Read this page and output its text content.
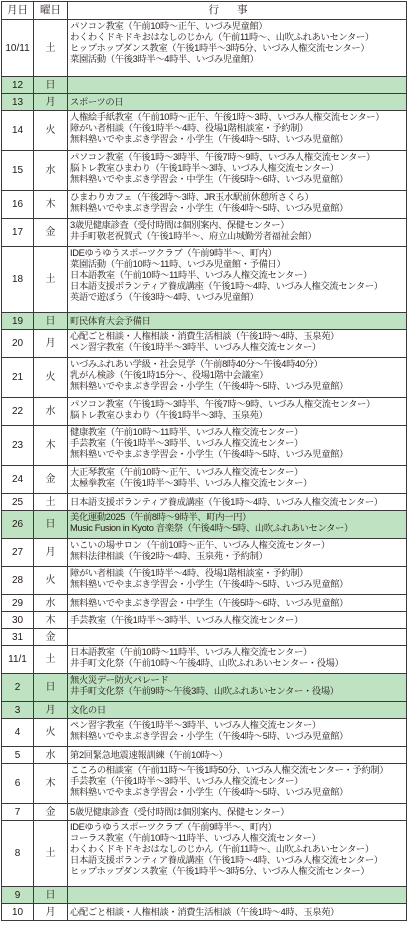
月日	曜日	行事
10/11	土	パソコン教室（午前10時〜正午、いづみ児童館）
わくわくドキドキおはなしのじかん（午前11時〜、山吹ふれあいセンター）
ヒップホップダンス教室（午後1時半〜3時5分、いづみ人権交流センター）
菜園活動（午後3時半〜4時半、いづみ児童館）

12	日	
13	月	スポーツの日

14	火	人権絵手紙教室（午前10時〜正午、午後1時〜3時、いづみ人権交流センター）
障がい者相談（午後1時半〜4時、役場1階相談室・予約制）
無料塾いでやまぶき学習会・小学生（午後4時〜5時、いづみ児童館）

15	水	パソコン教室（午後1時〜3時半、午後7時〜9時、いづみ人権交流センター）
脳トレ教室ひまわり（午後1時半〜3時、いづみ人権交流センター）
無料塾いでやまぶき学習会・中学生（午後5時〜6時、いづみ児童館）

16	木	ひまわりカフェ（午後2時〜3時、JR玉水駅前休憩所さくら）
無料塾いでやまぶき学習会・小学生（午後4時〜5時、いづみ児童館）

17	金	3歳児健康診査（受付時間は個別案内、保健センター）
井手町敬老祝賀式（午後1時半〜、府立山城勤労者福祉会館）

18	土	IDEゆうゆうスポーツクラブ（午前9時半〜、町内）
菜園活動（午前10時〜11時、いづみ児童館・予備日）
日本語教室（午前10時〜11時半、いづみ人権交流センター）
日本語支援ボランティア養成講座（午後1時〜4時、いづみ人権交流センター）
英語で遊ぼう（午後3時〜4時、いづみ児童館）

19	日	町民体育大会予備日

20	月	心配ごと相談・人権相談・消費生活相談（午後1時〜4時、玉泉苑）
ペン習字教室（午後1時半〜3時半、いづみ人権交流センター）

21	火	いづみふれあい学級・社会見学（午前8時40分〜午後4時40分）
乳がん検診（午後1時15分〜、役場1階中会議室）
無料塾いでやまぶき学習会・小学生（午後4時〜5時、いづみ児童館）

22	水	パソコン教室（午後1時〜3時半、午後7時〜9時、いづみ人権交流センター）
脳トレ教室ひまわり（午後1時半〜3時、玉泉苑）

23	木	健康教室（午前10時〜11時半、いづみ人権交流センター）
手芸教室（午後1時半〜3時半、いづみ人権交流センター）
無料塾いでやまぶき学習会・小学生（午後4時〜5時、いづみ児童館）

24	金	大正琴教室（午前10時〜正午、いづみ人権交流センター）
太極拳教室（午後1時半〜3時半、いづみ人権交流センター）

25	土	日本語支援ボランティア養成講座（午後1時〜4時、いづみ人権交流センター）

26	日	美化運動2025（午前8時〜9時半、町内一円）
Music Fusion in Kyoto 音楽祭（午後4時〜5時、山吹ふれあいセンター）

27	月	いこいの場サロン（午前10時〜正午、いづみ人権交流センター）
無料法律相談（午後2時〜4時、玉泉苑・予約制）

28	火	障がい者相談（午後1時半〜4時、役場1階相談室・予約制）
無料塾いでやまぶき学習会・小学生（午後4時〜5時、いづみ児童館）

29	水	無料塾いでやまぶき学習会・中学生（午後5時〜6時、いづみ児童館）

30	木	手芸教室（午後1時半〜3時半、いづみ人権交流センター）

31	金	
11/1	土	日本語教室（午前10時〜11時半、いづみ人権交流センター）
井手町文化祭（午前10時〜午後4時、山吹ふれあいセンター・役場）

2	日	無火災デー防火パレード
井手町文化祭（午前9時〜午後3時、山吹ふれあいセンター・役場）

3	月	文化の日

4	火	ペン習字教室（午後1時半〜3時半、いづみ人権交流センター）
無料塾いでやまぶき学習会・小学生（午後4時〜5時、いづみ児童館）

5	水	第2回緊急地震速報訓練（午前10時〜）

6	木	こころの相談室（午前11時〜午後1時50分、いづみ人権交流センター・予約制）
手芸教室（午後1時半〜3時半、いづみ人権交流センター）
無料塾いでやまぶき学習会・小学生（午後4時〜5時、いづみ児童館）

7	金	5歳児健康診査（受付時間は個別案内、保健センター）

8	土	IDEゆうゆうスポーツクラブ（午前9時半〜、町内）
コーラス教室（午前10時〜11時半、いづみ人権交流センター）
わくわくドキドキおはなしのじかん（午前11時〜、山吹ふれあいセンター）
日本語支援ボランティア養成講座（午後1時〜4時、いづみ人権交流センター）
ヒップホップダンス教室（午後1時半〜3時5分、いづみ人権交流センター）

9	日	
10	月	心配ごと相談・人権相談・消費生活相談（午後1時〜4時、玉泉苑）
